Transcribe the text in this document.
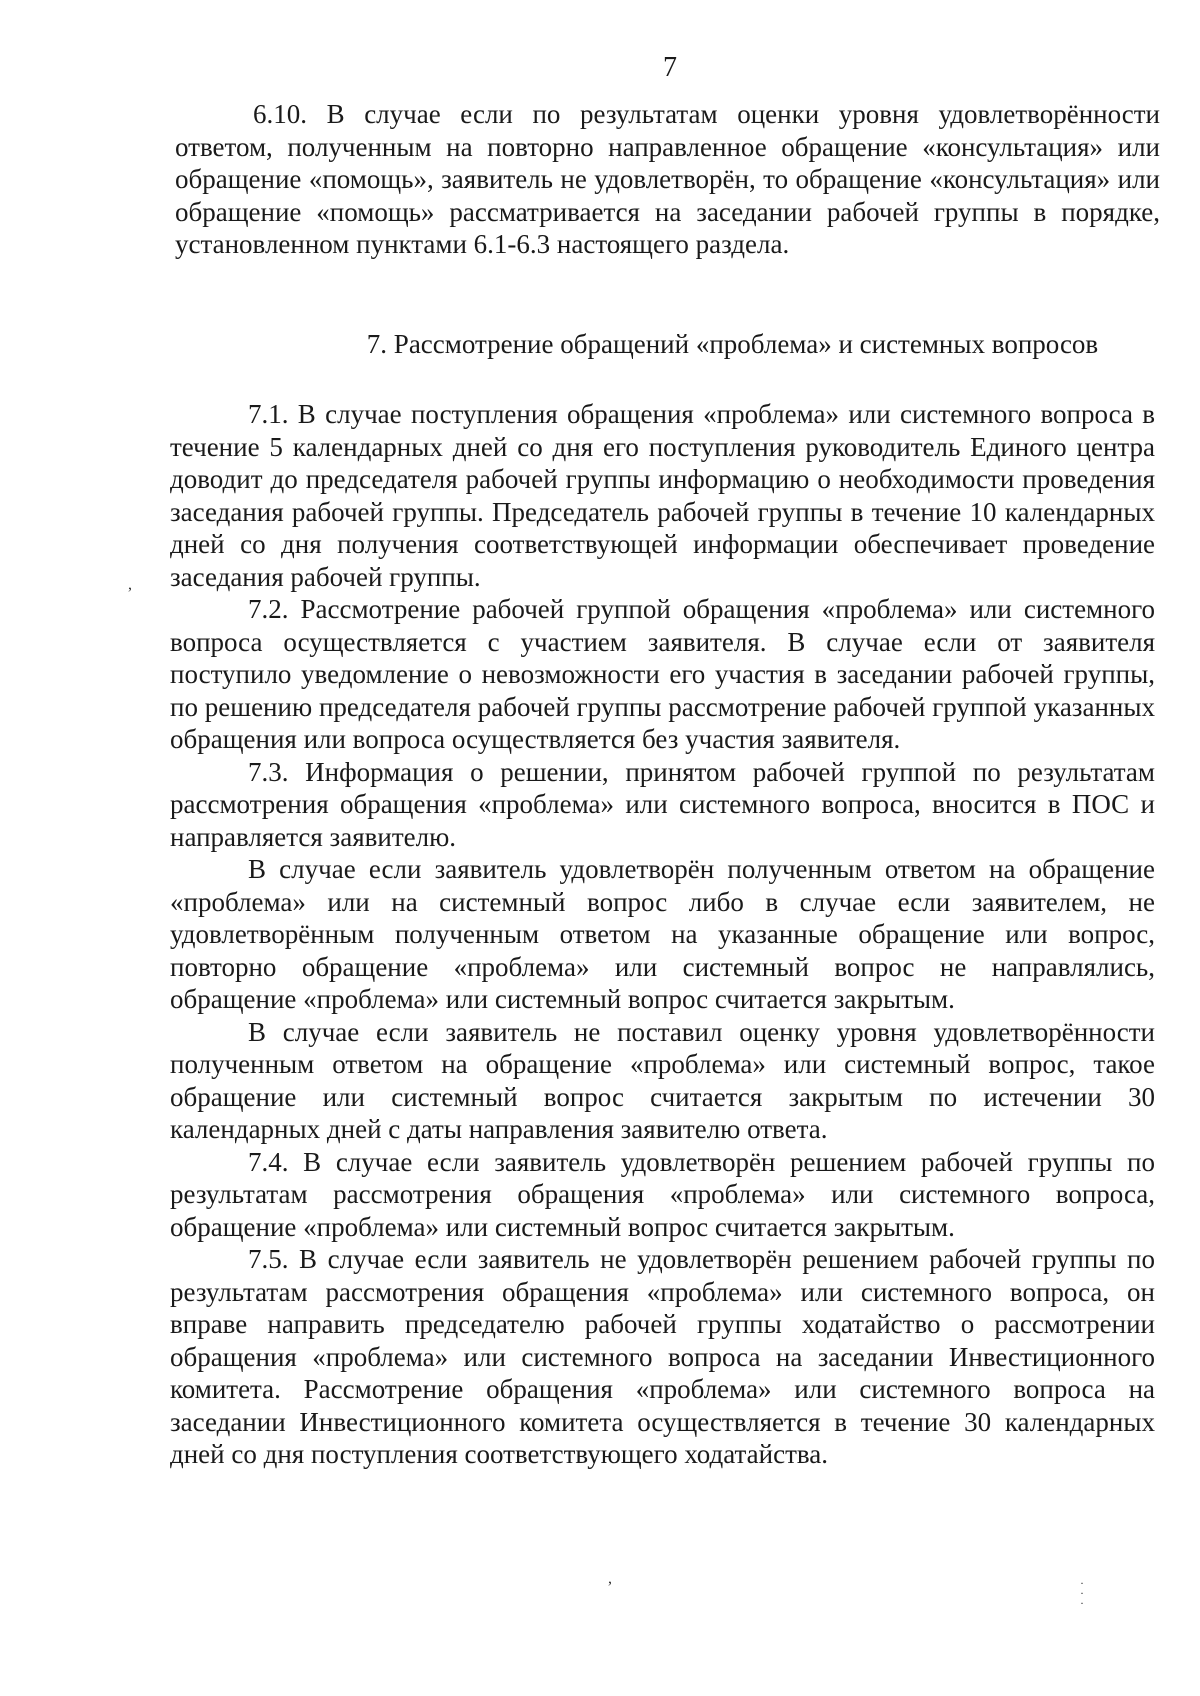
7

6.10. В случае если по результатам оценки уровня удовлетворённости ответом, полученным на повторно направленное обращение «консультация» или обращение «помощь», заявитель не удовлетворён, то обращение «консультация» или обращение «помощь» рассматривается на заседании рабочей группы в порядке, установленном пунктами 6.1-6.3 настоящего раздела.

7. Рассмотрение обращений «проблема» и системных вопросов

7.1. В случае поступления обращения «проблема» или системного вопроса в течение 5 календарных дней со дня его поступления руководитель Единого центра доводит до председателя рабочей группы информацию о необходимости проведения заседания рабочей группы. Председатель рабочей группы в течение 10 календарных дней со дня получения соответствующей информации обеспечивает проведение заседания рабочей группы.

7.2. Рассмотрение рабочей группой обращения «проблема» или системного вопроса осуществляется с участием заявителя. В случае если от заявителя поступило уведомление о невозможности его участия в заседании рабочей группы, по решению председателя рабочей группы рассмотрение рабочей группой указанных обращения или вопроса осуществляется без участия заявителя.

7.3. Информация о решении, принятом рабочей группой по результатам рассмотрения обращения «проблема» или системного вопроса, вносится в ПОС и направляется заявителю.

В случае если заявитель удовлетворён полученным ответом на обращение «проблема» или на системный вопрос либо в случае если заявителем, не удовлетворённым полученным ответом на указанные обращение или вопрос, повторно обращение «проблема» или системный вопрос не направлялись, обращение «проблема» или системный вопрос считается закрытым.

В случае если заявитель не поставил оценку уровня удовлетворённости полученным ответом на обращение «проблема» или системный вопрос, такое обращение или системный вопрос считается закрытым по истечении 30 календарных дней с даты направления заявителю ответа.

7.4. В случае если заявитель удовлетворён решением рабочей группы по результатам рассмотрения обращения «проблема» или системного вопроса, обращение «проблема» или системный вопрос считается закрытым.

7.5. В случае если заявитель не удовлетворён решением рабочей группы по результатам рассмотрения обращения «проблема» или системного вопроса, он вправе направить председателю рабочей группы ходатайство о рассмотрении обращения «проблема» или системного вопроса на заседании Инвестиционного комитета. Рассмотрение обращения «проблема» или системного вопроса на заседании Инвестиционного комитета осуществляется в течение 30 календарных дней со дня поступления соответствующего ходатайства.

,
,	·
·
·
